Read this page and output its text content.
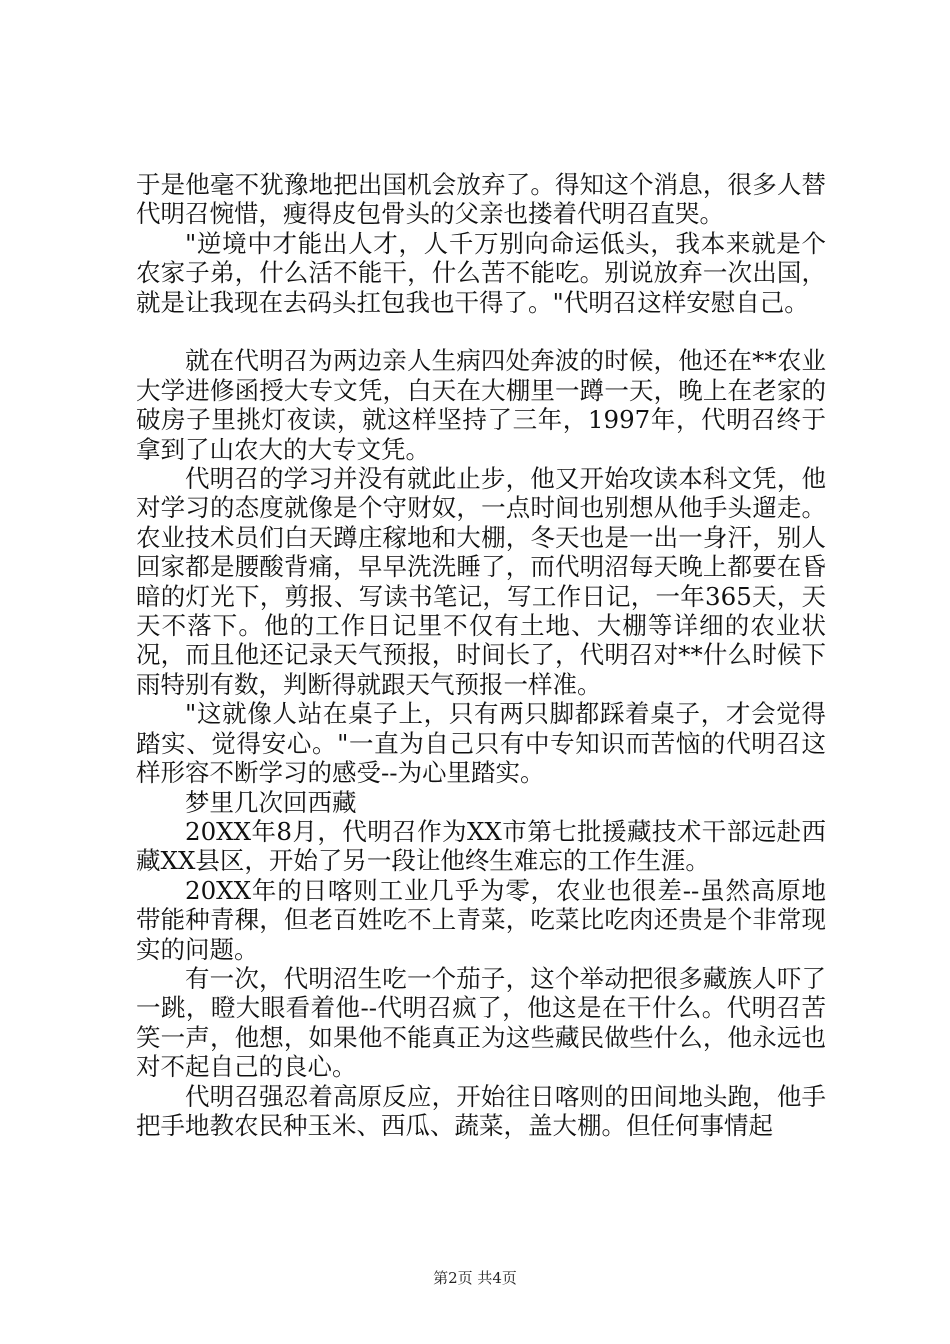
于是他毫不犹豫地把出国机会放弃了。得知这个消息，很多人替代明召惋惜，瘦得皮包骨头的父亲也搂着代明召直哭。

"逆境中才能出人才，人千万别向命运低头，我本来就是个农家子弟，什么活不能干，什么苦不能吃。别说放弃一次出国，就是让我现在去码头扛包我也干得了。"代明召这样安慰自己。

就在代明召为两边亲人生病四处奔波的时候，他还在**农业大学进修函授大专文凭，白天在大棚里一蹲一天，晚上在老家的破房子里挑灯夜读，就这样坚持了三年，1997年，代明召终于拿到了山农大的大专文凭。

代明召的学习并没有就此止步，他又开始攻读本科文凭，他对学习的态度就像是个守财奴，一点时间也别想从他手头遛走。农业技术员们白天蹲庄稼地和大棚，冬天也是一出一身汗，别人回家都是腰酸背痛，早早洗洗睡了，而代明沼每天晚上都要在昏暗的灯光下，剪报、写读书笔记，写工作日记，一年365天，天天不落下。他的工作日记里不仅有土地、大棚等详细的农业状况，而且他还记录天气预报，时间长了，代明召对**什么时候下雨特别有数，判断得就跟天气预报一样准。

"这就像人站在桌子上，只有两只脚都踩着桌子，才会觉得踏实、觉得安心。"一直为自己只有中专知识而苦恼的代明召这样形容不断学习的感受--为心里踏实。

梦里几次回西藏

20XX年8月，代明召作为XX市第七批援藏技术干部远赴西藏XX县区，开始了另一段让他终生难忘的工作生涯。

20XX年的日喀则工业几乎为零，农业也很差--虽然高原地带能种青稞，但老百姓吃不上青菜，吃菜比吃肉还贵是个非常现实的问题。

有一次，代明沼生吃一个茄子，这个举动把很多藏族人吓了一跳，瞪大眼看着他--代明召疯了，他这是在干什么。代明召苦笑一声，他想，如果他不能真正为这些藏民做些什么，他永远也对不起自己的良心。

代明召强忍着高原反应，开始往日喀则的田间地头跑，他手把手地教农民种玉米、西瓜、蔬菜，盖大棚。但任何事情起

第2页 共4页
